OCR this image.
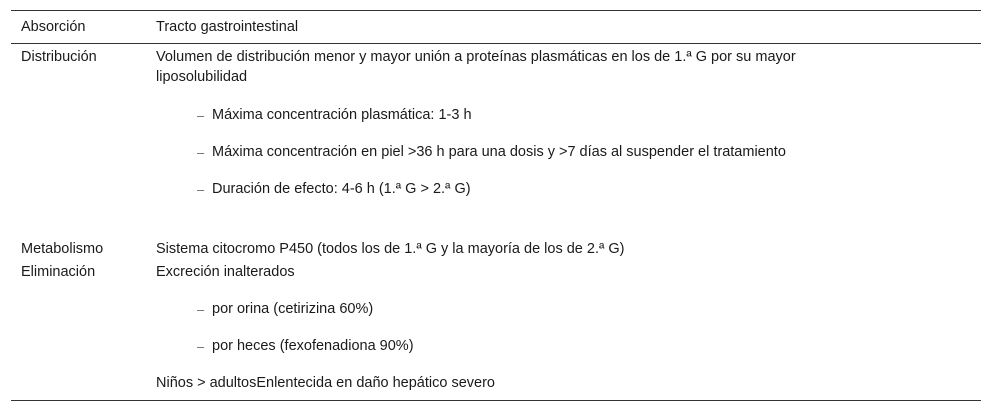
Absorción	Tracto gastrointestinal
Distribución	Volumen de distribución menor y mayor unión a proteínas plasmáticas en los de 1.ª G por su mayor
liposolubilidad
– Máxima concentración plasmática: 1-3 h
– Máxima concentración en piel >36 h para una dosis y >7 días al suspender el tratamiento
– Duración de efecto: 4-6 h (1.ª G > 2.ª G)
Metabolismo	Sistema citocromo P450 (todos los de 1.ª G y la mayoría de los de 2.ª G)
Eliminación	Excreción inalterados
– por orina (cetirizina 60%)
– por heces (fexofenadiona 90%)
Niños > adultosEnlentecida en daño hepático severo
